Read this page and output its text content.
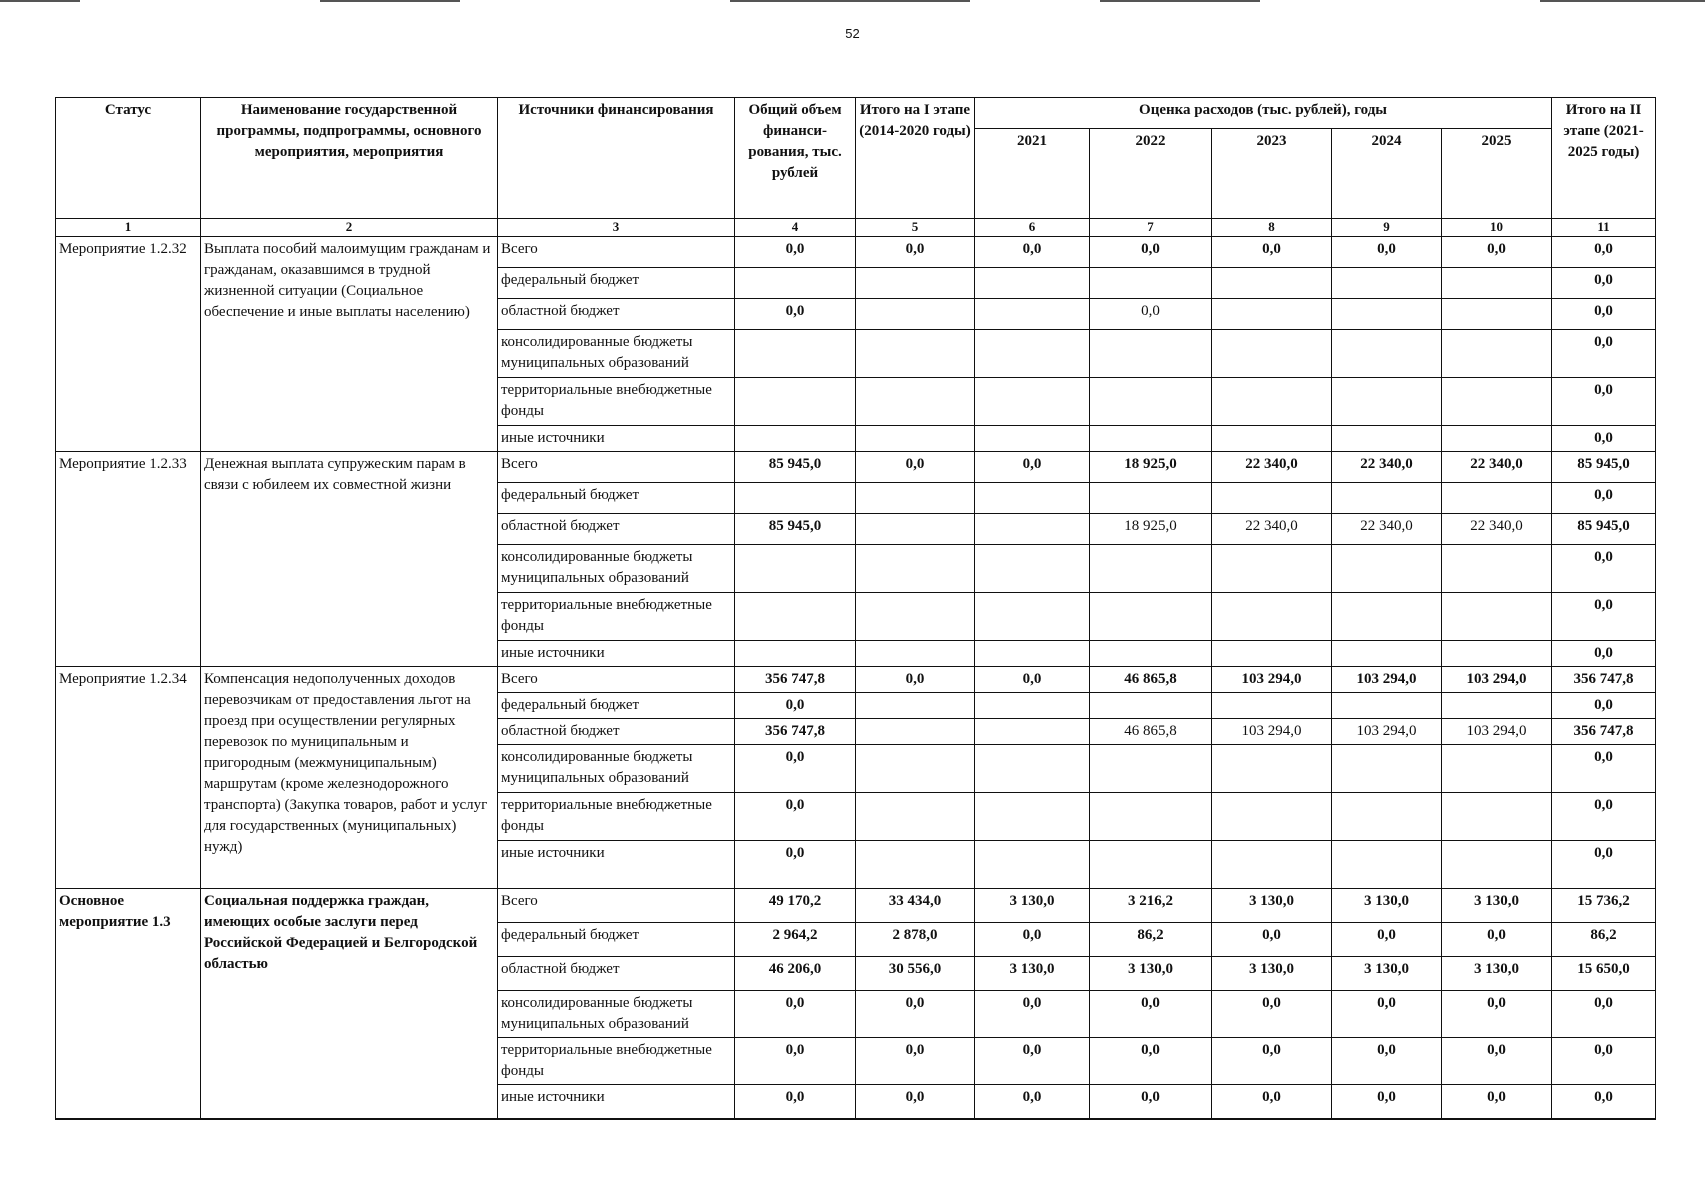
52
Статус	Наименование государственной программы, подпрограммы, основного мероприятия, мероприятия	Источники финансирования	Общий объем финанси-рования, тыс. рублей	Итого на I этапе (2014-2020 годы)	Оценка расходов (тыс. рублей), годы					Итого на II этапе (2021-2025 годы)
					2021	2022	2023	2024	2025	
1	2	3	4	5	6	7	8	9	10	11
Мероприятие 1.2.32	Выплата пособий малоимущим гражданам и гражданам, оказавшимся в трудной жизненной ситуации (Социальное обеспечение и иные выплаты населению)	Всего	0,0	0,0	0,0	0,0	0,0	0,0	0,0	0,0
		федеральный бюджет								0,0
		областной бюджет	0,0			0,0				0,0
		консолидированные бюджеты муниципальных образований								0,0
		территориальные внебюджетные фонды								0,0
		иные источники								0,0
Мероприятие 1.2.33	Денежная выплата супружеским парам в связи с юбилеем их совместной жизни	Всего	85 945,0	0,0	0,0	18 925,0	22 340,0	22 340,0	22 340,0	85 945,0
		федеральный бюджет								0,0
		областной бюджет	85 945,0			18 925,0	22 340,0	22 340,0	22 340,0	85 945,0
		консолидированные бюджеты муниципальных образований								0,0
		территориальные внебюджетные фонды								0,0
		иные источники								0,0
Мероприятие 1.2.34	Компенсация недополученных доходов перевозчикам от предоставления льгот на проезд при осуществлении регулярных перевозок по муниципальным и пригородным (межмуниципальным) маршрутам (кроме железнодорожного транспорта) (Закупка товаров, работ и услуг для государственных (муниципальных) нужд)	Всего	356 747,8	0,0	0,0	46 865,8	103 294,0	103 294,0	103 294,0	356 747,8
		федеральный бюджет	0,0							0,0
		областной бюджет	356 747,8			46 865,8	103 294,0	103 294,0	103 294,0	356 747,8
		консолидированные бюджеты муниципальных образований	0,0							0,0
		территориальные внебюджетные фонды	0,0							0,0
		иные источники	0,0							0,0
Основное мероприятие 1.3	Социальная поддержка граждан, имеющих особые заслуги перед Российской Федерацией и Белгородской областью	Всего	49 170,2	33 434,0	3 130,0	3 216,2	3 130,0	3 130,0	3 130,0	15 736,2
		федеральный бюджет	2 964,2	2 878,0	0,0	86,2	0,0	0,0	0,0	86,2
		областной бюджет	46 206,0	30 556,0	3 130,0	3 130,0	3 130,0	3 130,0	3 130,0	15 650,0
		консолидированные бюджеты муниципальных образований	0,0	0,0	0,0	0,0	0,0	0,0	0,0	0,0
		территориальные внебюджетные фонды	0,0	0,0	0,0	0,0	0,0	0,0	0,0	0,0
		иные источники	0,0	0,0	0,0	0,0	0,0	0,0	0,0	0,0
